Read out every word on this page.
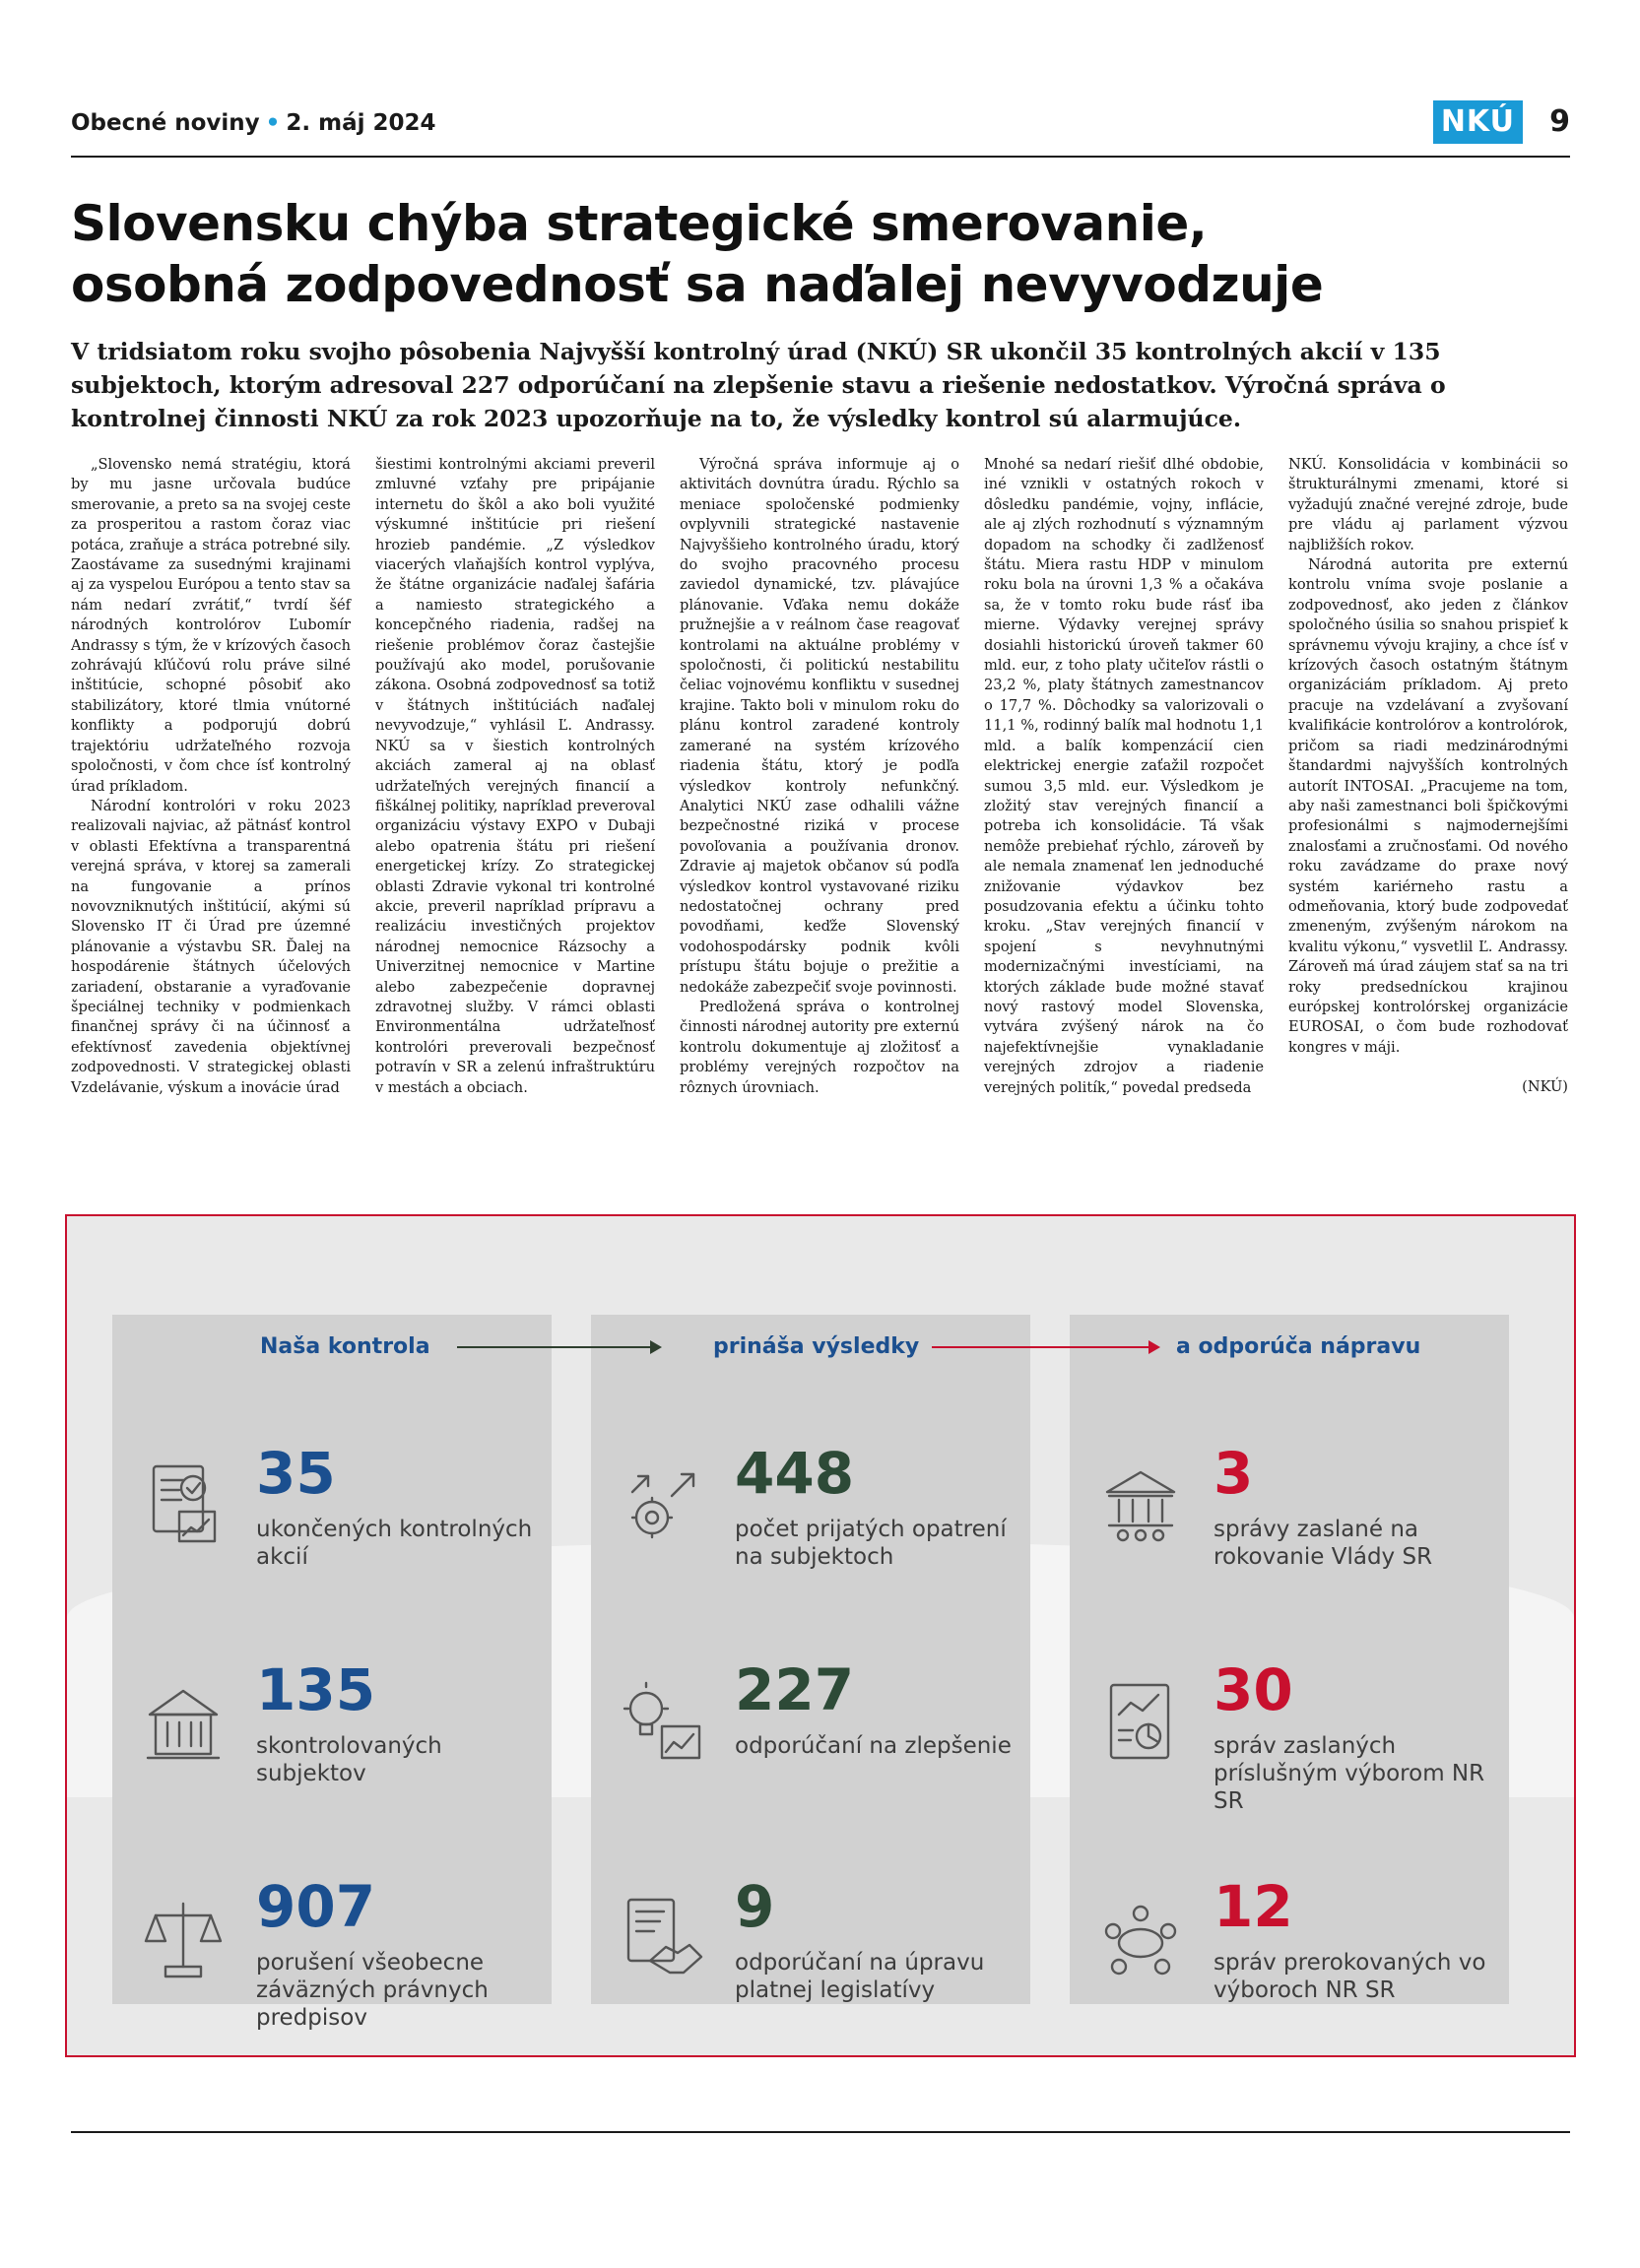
Obecné noviny • 2. máj 2024	NKÚ 9
Slovensku chýba strategické smerovanie,
osobná zodpovednosť sa naďalej nevyvodzuje

V tridsiatom roku svojho pôsobenia Najvyšší kontrolný úrad (NKÚ) SR ukončil 35 kontrolných akcií v 135 subjektoch, ktorým adresoval 227 odporúčaní na zlepšenie stavu a riešenie nedostatkov. Výročná správa o kontrolnej činnosti NKÚ za rok 2023 upozorňuje na to, že výsledky kontrol sú alarmujúce.

„Slovensko nemá stratégiu, ktorá by mu jasne určovala budúce smerovanie, a preto sa na svojej ceste za prosperitou a rastom čoraz viac potáca, zraňuje a stráca potrebné sily. Zaostávame za susednými krajinami aj za vyspelou Európou a tento stav sa nám nedarí zvrátiť,“ tvrdí šéf národných kontrolórov Ľubomír Andrassy s tým, že v krízových časoch zohrávajú kľúčovú rolu práve silné inštitúcie, schopné pôsobiť ako stabilizátory, ktoré tlmia vnútorné konflikty a podporujú dobrú trajektóriu udržateľného rozvoja spoločnosti, v čom chce ísť kontrolný úrad príkladom.

Národní kontrolóri v roku 2023 realizovali najviac, až pätnásť kontrol v oblasti Efektívna a transparentná verejná správa, v ktorej sa zamerali na fungovanie a prínos novovzniknutých inštitúcií, akými sú Slovensko IT či Úrad pre územné plánovanie a výstavbu SR. Ďalej na hospodárenie štátnych účelových zariadení, obstaranie a vyraďovanie špeciálnej techniky v podmienkach finančnej správy či na účinnosť a efektívnosť zavedenia objektívnej zodpovednosti. V strategickej oblasti Vzdelávanie, výskum a inovácie úrad

šiestimi kontrolnými akciami preveril zmluvné vzťahy pre pripájanie internetu do škôl a ako boli využité výskumné inštitúcie pri riešení hrozieb pandémie. „Z výsledkov viacerých vlaňajších kontrol vyplýva, že štátne organizácie naďalej šafária a namiesto strategického a koncepčného riadenia, radšej na riešenie problémov čoraz častejšie používajú ako model, porušovanie zákona. Osobná zodpovednosť sa totiž v štátnych inštitúciách naďalej nevyvodzuje,“ vyhlásil Ľ. Andrassy. NKÚ sa v šiestich kontrolných akciách zameral aj na oblasť udržateľných verejných financií a fiškálnej politiky, napríklad preveroval organizáciu výstavy EXPO v Dubaji alebo opatrenia štátu pri riešení energetickej krízy. Zo strategickej oblasti Zdravie vykonal tri kontrolné akcie, preveril napríklad prípravu a realizáciu investičných projektov národnej nemocnice Rázsochy a Univerzitnej nemocnice v Martine alebo zabezpečenie dopravnej zdravotnej služby. V rámci oblasti Environmentálna udržateľnosť kontrolóri preverovali bezpečnosť potravín v SR a zelenú infraštruktúru v mestách a obciach.

Výročná správa informuje aj o aktivitách dovnútra úradu. Rýchlo sa meniace spoločenské podmienky ovplyvnili strategické nastavenie Najvyššieho kontrolného úradu, ktorý do svojho pracovného procesu zaviedol dynamické, tzv. plávajúce plánovanie. Vďaka nemu dokáže pružnejšie a v reálnom čase reagovať kontrolami na aktuálne problémy v spoločnosti, či politickú nestabilitu čeliac vojnovému konfliktu v susednej krajine. Takto boli v minulom roku do plánu kontrol zaradené kontroly zamerané na systém krízového riadenia štátu, ktorý je podľa výsledkov kontroly nefunkčný. Analytici NKÚ zase odhalili vážne bezpečnostné riziká v procese povoľovania a používania dronov. Zdravie aj majetok občanov sú podľa výsledkov kontrol vystavované riziku nedostatočnej ochrany pred povodňami, keďže Slovenský vodohospodársky podnik kvôli prístupu štátu bojuje o prežitie a nedokáže zabezpečiť svoje povinnosti.

Predložená správa o kontrolnej činnosti národnej autority pre externú kontrolu dokumentuje aj zložitosť a problémy verejných rozpočtov na rôznych úrovniach.

Mnohé sa nedarí riešiť dlhé obdobie, iné vznikli v ostatných rokoch v dôsledku pandémie, vojny, inflácie, ale aj zlých rozhodnutí s významným dopadom na schodky či zadlženosť štátu. Miera rastu HDP v minulom roku bola na úrovni 1,3 % a očakáva sa, že v tomto roku bude rásť iba mierne. Výdavky verejnej správy dosiahli historickú úroveň takmer 60 mld. eur, z toho platy učiteľov rástli o 23,2 %, platy štátnych zamestnancov o 17,7 %. Dôchodky sa valorizovali o 11,1 %, rodinný balík mal hodnotu 1,1 mld. a balík kompenzácií cien elektrickej energie zaťažil rozpočet sumou 3,5 mld. eur. Výsledkom je zložitý stav verejných financií a potreba ich konsolidácie. Tá však nemôže prebiehať rýchlo, zároveň by ale nemala znamenať len jednoduché znižovanie výdavkov bez posudzovania efektu a účinku tohto kroku. „Stav verejných financií v spojení s nevyhnutnými modernizačnými investíciami, na ktorých základe bude možné stavať nový rastový model Slovenska, vytvára zvýšený nárok na čo najefektívnejšie vynakladanie verejných zdrojov a riadenie verejných politík,“ povedal predseda

NKÚ. Konsolidácia v kombinácii so štrukturálnymi zmenami, ktoré si vyžadujú značné verejné zdroje, bude pre vládu aj parlament výzvou najbližších rokov.

Národná autorita pre externú kontrolu vníma svoje poslanie a zodpovednosť, ako jeden z článkov spoločného úsilia so snahou prispieť k správnemu vývoju krajiny, a chce ísť v krízových časoch ostatným štátnym organizáciám príkladom. Aj preto pracuje na vzdelávaní a zvyšovaní kvalifikácie kontrolórov a kontrolórok, pričom sa riadi medzinárodnými štandardmi najvyšších kontrolných autorít INTOSAI. „Pracujeme na tom, aby naši zamestnanci boli špičkovými profesionálmi s najmodernejšími znalosťami a zručnosťami. Od nového roku zavádzame do praxe nový systém kariérneho rastu a odmeňovania, ktorý bude zodpovedať zmeneným, zvýšeným nárokom na kvalitu výkonu,“ vysvetlil Ľ. Andrassy. Zároveň má úrad záujem stať sa na tri roky predsedníckou krajinou európskej kontrolórskej organizácie EUROSAI, o čom bude rozhodovať kongres v máji.

(NKÚ)

Naša kontrola	prináša výsledky	a odporúča nápravu
35
ukončených kontrolných akcií
135
skontrolovaných subjektov
907
porušení všeobecne záväzných právnych predpisov
448
počet prijatých opatrení na subjektoch
227
odporúčaní na zlepšenie
9
odporúčaní na úpravu platnej legislatívy
3
správy zaslané na rokovanie Vlády SR
30
správ zaslaných príslušným výborom NR SR
12
správ prerokovaných vo výboroch NR SR
